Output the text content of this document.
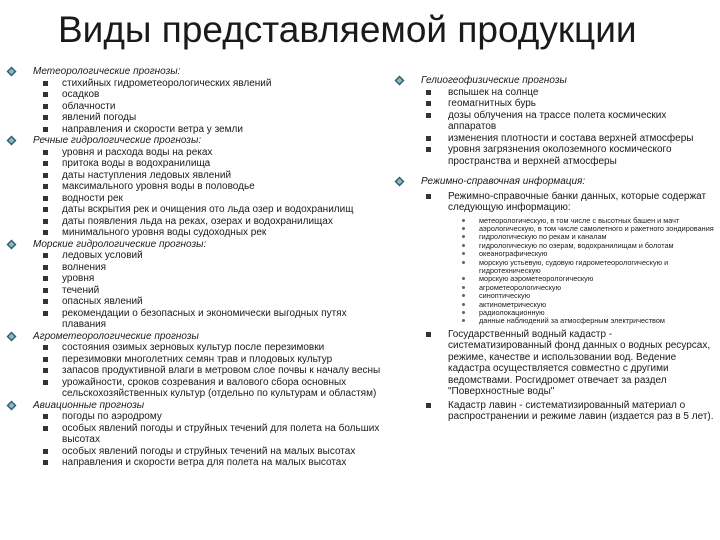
Виды представляемой продукции
Метеорологические прогнозы:
стихийных гидрометеорологических явлений
осадков
облачности
явлений погоды
направления и скорости ветра у земли
Речные гидрологические прогнозы:
уровня и расхода воды на реках
притока воды в водохранилища
даты наступления ледовых явлений
максимального уровня воды в половодье
водности рек
даты вскрытия рек и очищения ото льда озер и водохранилищ
даты появления льда на реках, озерах и водохранилищах
минимального уровня воды судоходных рек
Морские гидрологические прогнозы:
ледовых условий
волнения
уровня
течений
опасных явлений
рекомендации о безопасных и экономически выгодных путях плавания
Агрометеорологические прогнозы
состояния озимых зерновых культур после перезимовки
перезимовки многолетних семян трав и плодовых культур
запасов продуктивной влаги в метровом слое почвы к началу весны
урожайности, сроков созревания и валового сбора основных сельскохозяйственных культур (отдельно по культурам и областям)
Авиационные прогнозы
погоды по аэродрому
особых явлений погоды и струйных течений для полета на больших высотах
особых явлений погоды и струйных течений на малых высотах
направления и скорости ветра для полета на малых высотах
Гелиогеофизические прогнозы
вспышек на солнце
геомагнитных бурь
дозы облучения на трассе полета космических аппаратов
изменения плотности и состава верхней атмосферы
уровня загрязнения околоземного космического пространства и верхней атмосферы
Режимно-справочная информация:
Режимно-справочные банки данных, которые содержат следующую информацию:
метеорологическую, в том числе с высотных башен и мачт
аэрологическую, в том числе самолетного и ракетного зондирования
гидрологическую по рекам и каналам
гидрологическую по озерам, водохранилищам и болотам
океанографическую
морскую устьевую, судовую гидрометеорологическую и гидротехническую
морскую аэрометеорологическую
агрометеорологическую
синоптическую
актинометрическую
радиолокационную
данные наблюдений за атмосферным электричеством
Государственный водный кадастр - систематизированный фонд данных о водных ресурсах, режиме, качестве и использовании вод. Ведение кадастра осуществляется совместно с другими ведомствами. Росгидромет отвечает за раздел "Поверхностные воды"
Кадастр лавин - систематизированный материал о распространении и режиме лавин (издается раз в 5 лет).
